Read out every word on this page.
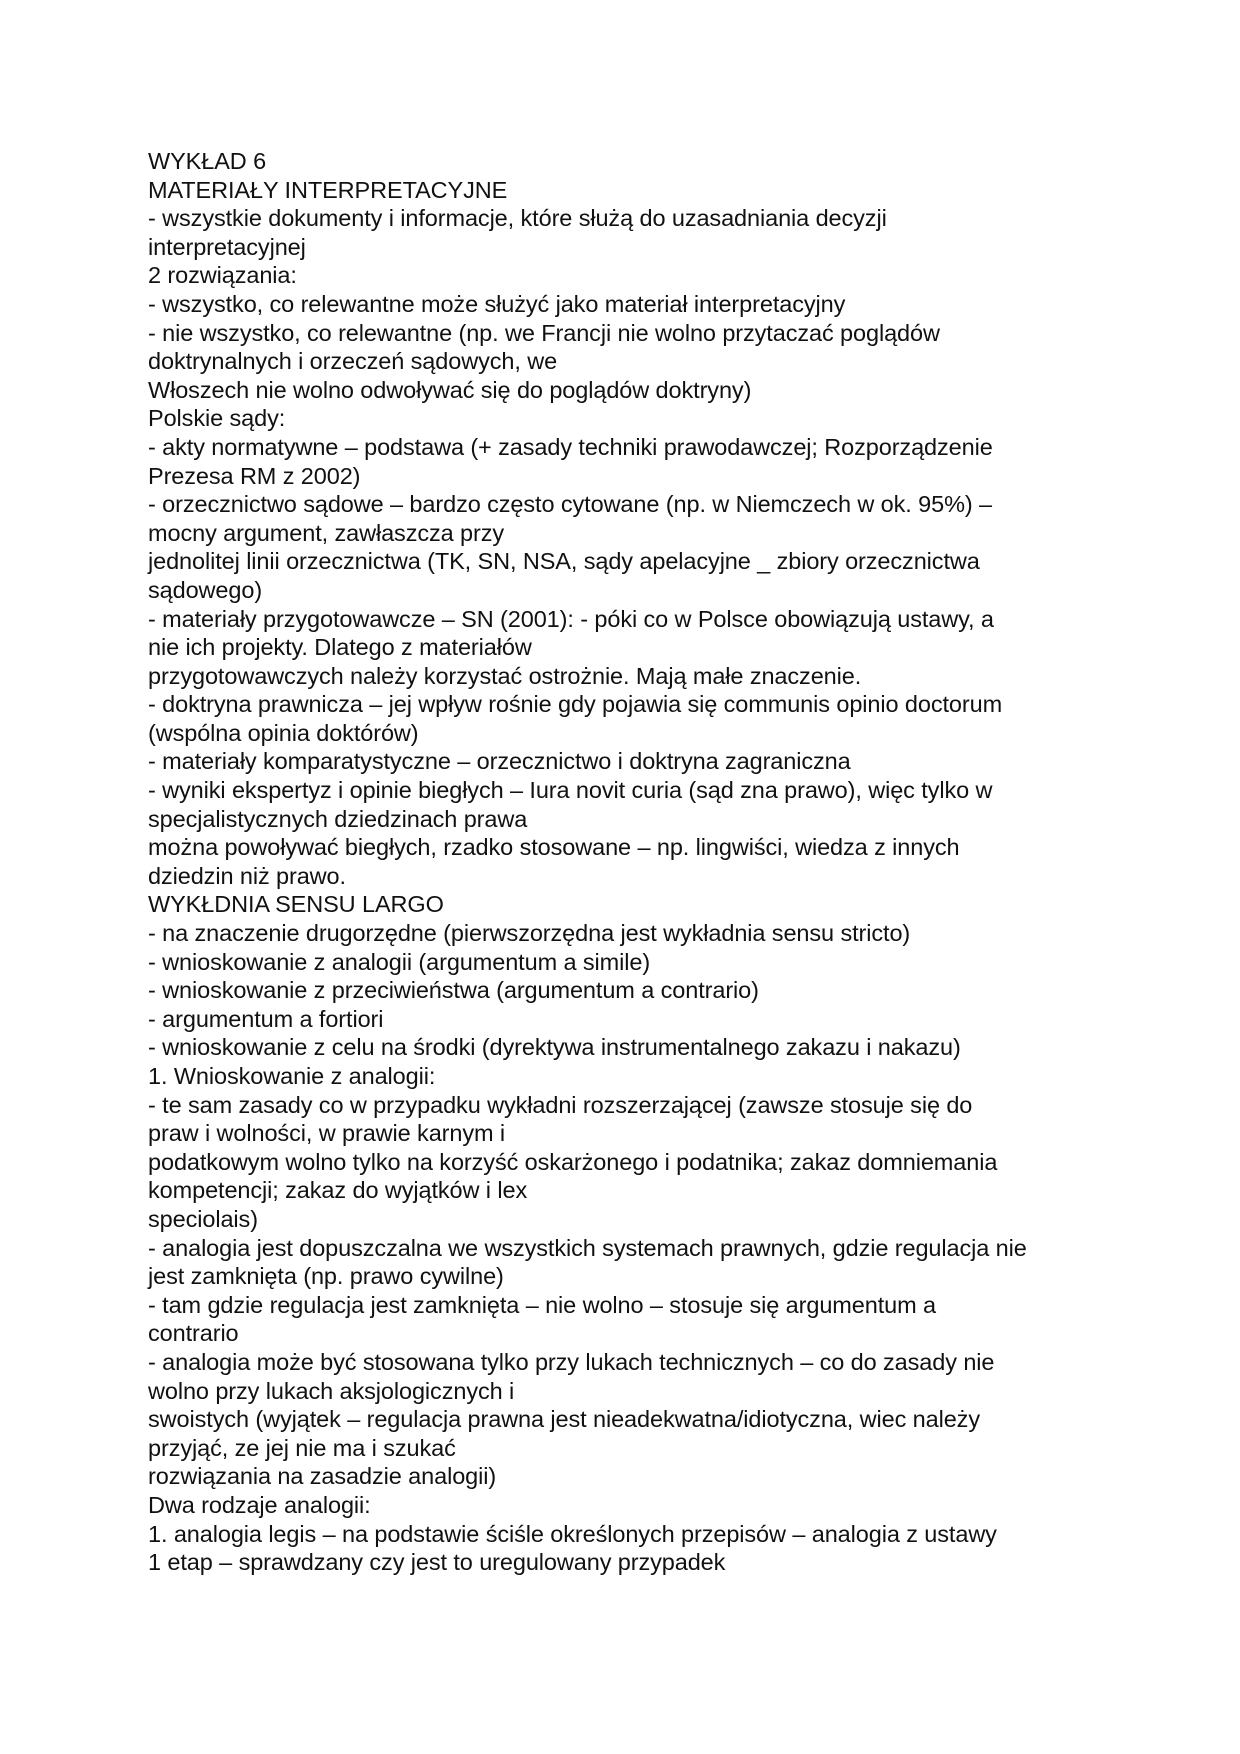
WYKŁAD 6
MATERIAŁY INTERPRETACYJNE
- wszystkie dokumenty i informacje, które służą do uzasadniania decyzji
interpretacyjnej
2 rozwiązania:
- wszystko, co relewantne może służyć jako materiał interpretacyjny
- nie wszystko, co relewantne (np. we Francji nie wolno przytaczać poglądów
doktrynalnych i orzeczeń sądowych, we
Włoszech nie wolno odwoływać się do poglądów doktryny)
Polskie sądy:
- akty normatywne – podstawa (+ zasady techniki prawodawczej; Rozporządzenie
Prezesa RM z 2002)
- orzecznictwo sądowe – bardzo często cytowane (np. w Niemczech w ok. 95%) –
mocny argument, zawłaszcza przy
jednolitej linii orzecznictwa (TK, SN, NSA, sądy apelacyjne _ zbiory orzecznictwa
sądowego)
- materiały przygotowawcze – SN (2001): - póki co w Polsce obowiązują ustawy, a
nie ich projekty. Dlatego z materiałów
przygotowawczych należy korzystać ostrożnie. Mają małe znaczenie.
- doktryna prawnicza – jej wpływ rośnie gdy pojawia się communis opinio doctorum
(wspólna opinia doktórów)
- materiały komparatystyczne – orzecznictwo i doktryna zagraniczna
- wyniki ekspertyz i opinie biegłych – Iura novit curia (sąd zna prawo), więc tylko w
specjalistycznych dziedzinach prawa
można powoływać biegłych, rzadko stosowane – np. lingwiści, wiedza z innych
dziedzin niż prawo.
WYKŁDNIA SENSU LARGO
- na znaczenie drugorzędne (pierwszorzędna jest wykładnia sensu stricto)
- wnioskowanie z analogii (argumentum a simile)
- wnioskowanie z przeciwieństwa (argumentum a contrario)
- argumentum a fortiori
- wnioskowanie z celu na środki (dyrektywa instrumentalnego zakazu i nakazu)
1. Wnioskowanie z analogii:
- te sam zasady co w przypadku wykładni rozszerzającej (zawsze stosuje się do
praw i wolności, w prawie karnym i
podatkowym wolno tylko na korzyść oskarżonego i podatnika; zakaz domniemania
kompetencji; zakaz do wyjątków i lex
speciolais)
- analogia jest dopuszczalna we wszystkich systemach prawnych, gdzie regulacja nie
jest zamknięta (np. prawo cywilne)
- tam gdzie regulacja jest zamknięta – nie wolno – stosuje się argumentum a
contrario
- analogia może być stosowana tylko przy lukach technicznych – co do zasady nie
wolno przy lukach aksjologicznych i
swoistych (wyjątek – regulacja prawna jest nieadekwatna/idiotyczna, wiec należy
przyjąć, ze jej nie ma i szukać
rozwiązania na zasadzie analogii)
Dwa rodzaje analogii:
1. analogia legis – na podstawie ściśle określonych przepisów – analogia z ustawy
1 etap – sprawdzany czy jest to uregulowany przypadek
